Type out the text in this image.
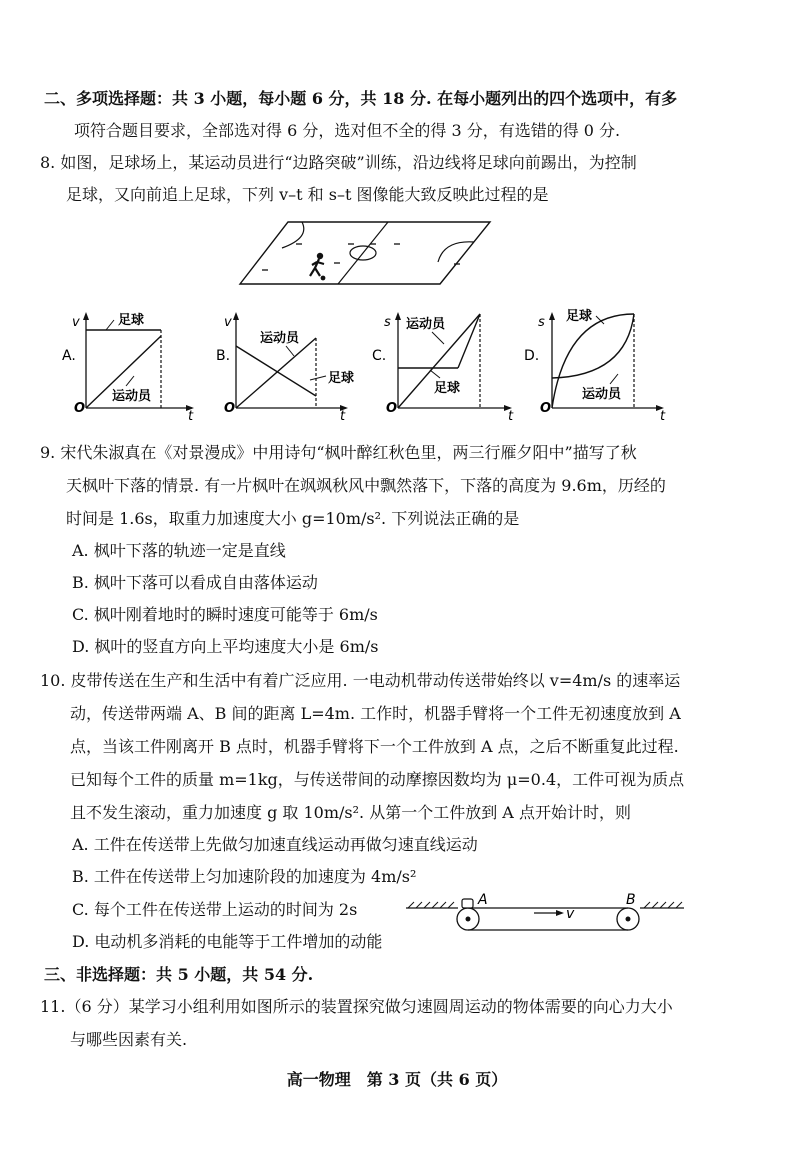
二、多项选择题：共 3 小题，每小题 6 分，共 18 分. 在每小题列出的四个选项中，有多
项符合题目要求，全部选对得 6 分，选对但不全的得 3 分，有选错的得 0 分.
8. 如图，足球场上，某运动员进行“边路突破”训练，沿边线将足球向前踢出，为控制
足球，又向前追上足球，下列 v–t 和 s–t 图像能大致反映此过程的是
A.
v
t
O
足球
运动员
B.
v
t
O
运动员
足球
C.
s
t
O
运动员
足球
D.
s
t
O
足球
运动员
9. 宋代朱淑真在《对景漫成》中用诗句“枫叶醉红秋色里，两三行雁夕阳中”描写了秋
天枫叶下落的情景. 有一片枫叶在飒飒秋风中飘然落下，下落的高度为 9.6m，历经的
时间是 1.6s，取重力加速度大小 g=10m/s². 下列说法正确的是
A. 枫叶下落的轨迹一定是直线
B. 枫叶下落可以看成自由落体运动
C. 枫叶刚着地时的瞬时速度可能等于 6m/s
D. 枫叶的竖直方向上平均速度大小是 6m/s
10. 皮带传送在生产和生活中有着广泛应用. 一电动机带动传送带始终以 v=4m/s 的速率运
动，传送带两端 A、B 间的距离 L=4m. 工作时，机器手臂将一个工件无初速度放到 A
点，当该工件刚离开 B 点时，机器手臂将下一个工件放到 A 点，之后不断重复此过程.
已知每个工件的质量 m=1kg，与传送带间的动摩擦因数均为 μ=0.4，工件可视为质点
且不发生滚动，重力加速度 g 取 10m/s². 从第一个工件放到 A 点开始计时，则
A. 工件在传送带上先做匀加速直线运动再做匀速直线运动
B. 工件在传送带上匀加速阶段的加速度为 4m/s²
C. 每个工件在传送带上运动的时间为 2s
D. 电动机多消耗的电能等于工件增加的动能
v
A	B
三、非选择题：共 5 小题，共 54 分.
11.（6 分）某学习小组利用如图所示的装置探究做匀速圆周运动的物体需要的向心力大小
与哪些因素有关.
高一物理　第 3 页（共 6 页）
